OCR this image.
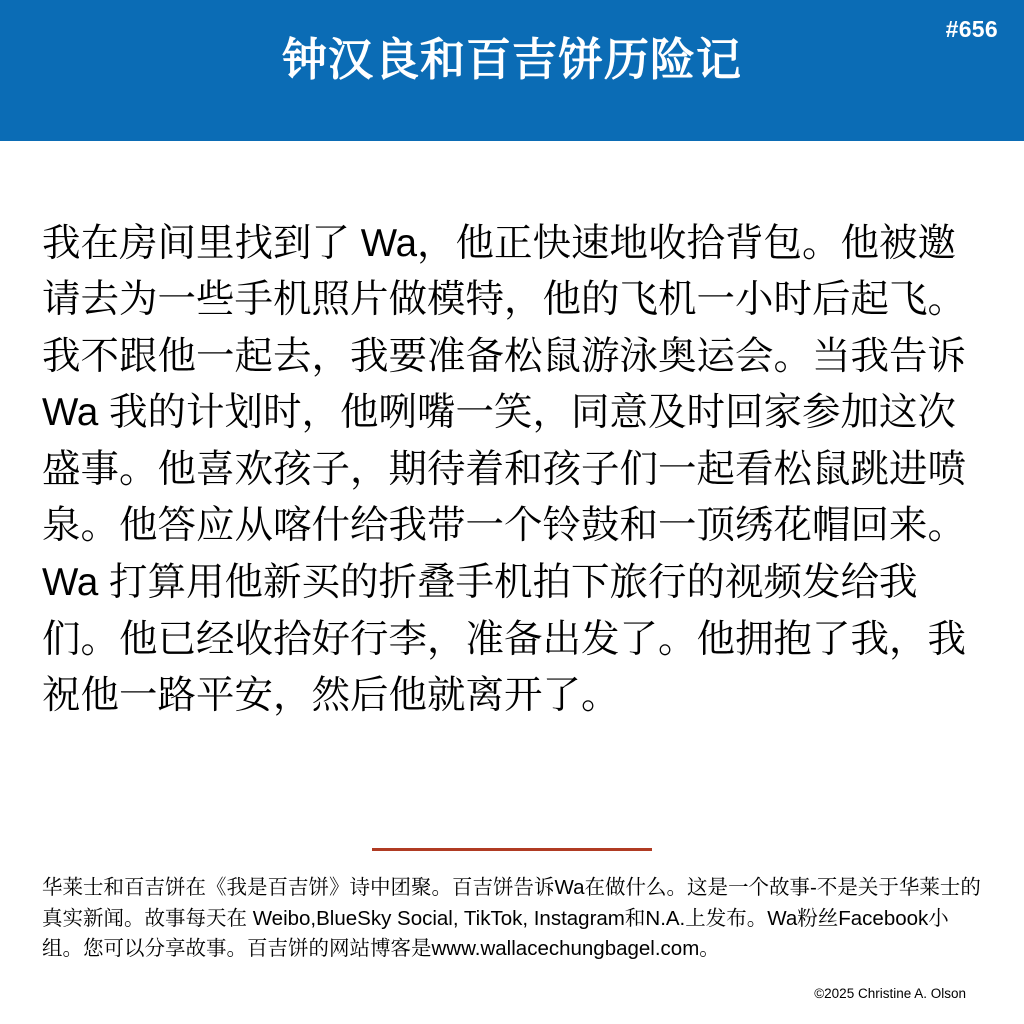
#656
钟汉良和百吉饼历险记

我在房间里找到了 Wa，他正快速地收拾背包。他被邀请去为一些手机照片做模特，他的飞机一小时后起飞。我不跟他一起去，我要准备松鼠游泳奥运会。当我告诉 Wa 我的计划时，他咧嘴一笑，同意及时回家参加这次盛事。他喜欢孩子，期待着和孩子们一起看松鼠跳进喷泉。他答应从喀什给我带一个铃鼓和一顶绣花帽回来。Wa 打算用他新买的折叠手机拍下旅行的视频发给我们。他已经收拾好行李，准备出发了。他拥抱了我，我祝他一路平安，然后他就离开了。

华莱士和百吉饼在《我是百吉饼》诗中团聚。百吉饼告诉Wa在做什么。这是一个故事-不是关于华莱士的真实新闻。故事每天在 Weibo,BlueSky Social, TikTok, Instagram和N.A.上发布。Wa粉丝Facebook小组。您可以分享故事。百吉饼的网站博客是www.wallacechungbagel.com。

©2025 Christine A. Olson
